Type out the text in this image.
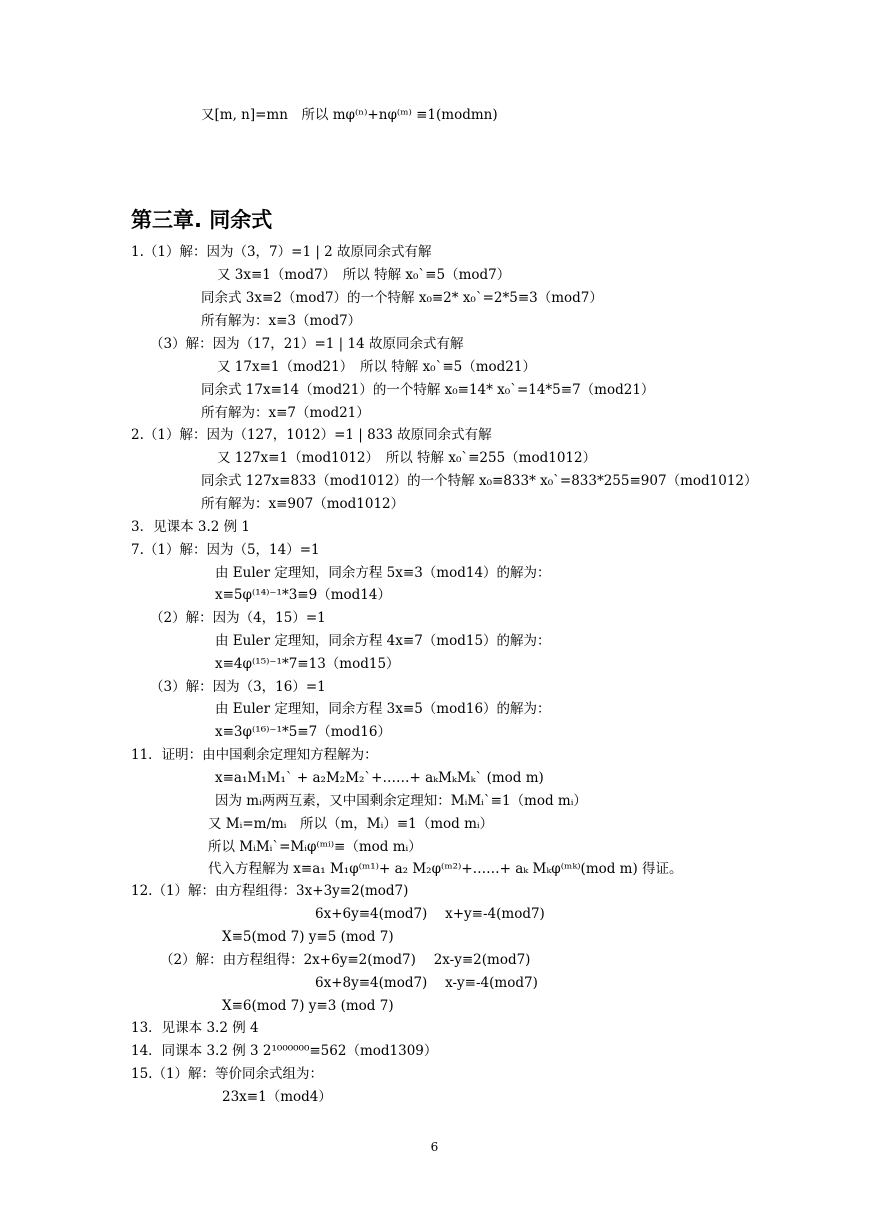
第三章. 同余式
又[m, n]=mn　所以 mφ⁽ⁿ⁾+nφ⁽ᵐ⁾ ≡1(modmn)
1.（1）解：因为（3，7）=1 | 2 故原同余式有解
又 3x≡1（mod7）　所以 特解 x₀`≡5（mod7）
同余式 3x≡2（mod7）的一个特解 x₀≡2* x₀`=2*5≡3（mod7）
所有解为：x≡3（mod7）
（3）解：因为（17，21）=1 | 14 故原同余式有解
又 17x≡1（mod21）　所以 特解 x₀`≡5（mod21）
同余式 17x≡14（mod21）的一个特解 x₀≡14* x₀`=14*5≡7（mod21）
所有解为：x≡7（mod21）
2.（1）解：因为（127，1012）=1 | 833 故原同余式有解
又 127x≡1（mod1012）　所以 特解 x₀`≡255（mod1012）
同余式 127x≡833（mod1012）的一个特解 x₀≡833* x₀`=833*255≡907（mod1012）
所有解为：x≡907（mod1012）
3．见课本 3.2 例 1
7.（1）解：因为（5，14）=1
由 Euler 定理知，同余方程 5x≡3（mod14）的解为：
x≡5φ⁽¹⁴⁾⁻¹*3≡9（mod14）
（2）解：因为（4，15）=1
由 Euler 定理知，同余方程 4x≡7（mod15）的解为：
x≡4φ⁽¹⁵⁾⁻¹*7≡13（mod15）
（3）解：因为（3，16）=1
由 Euler 定理知，同余方程 3x≡5（mod16）的解为：
x≡3φ⁽¹⁶⁾⁻¹*5≡7（mod16）
11．证明：由中国剩余定理知方程解为：
x≡a₁M₁M₁` + a₂M₂M₂`+……+ aₖMₖMₖ` (mod m)
因为 mᵢ两两互素，又中国剩余定理知：MᵢMᵢ`≡1（mod mᵢ）
又 Mᵢ=m/mᵢ　所以（m，Mᵢ）≡1（mod mᵢ）
所以 MᵢMᵢ`=Mᵢφ⁽ᵐⁱ⁾≡（mod mᵢ）
代入方程解为 x≡a₁ M₁φ⁽ᵐ¹⁾+ a₂ M₂φ⁽ᵐ²⁾+……+ aₖ Mₖφ⁽ᵐᵏ⁾(mod m) 得证。
12.（1）解：由方程组得：3x+3y≡2(mod7)
6x+6y≡4(mod7)　 x+y≡-4(mod7)
X≡5(mod 7) y≡5 (mod 7)
（2）解：由方程组得：2x+6y≡2(mod7)　 2x-y≡2(mod7)
6x+8y≡4(mod7)　 x-y≡-4(mod7)
X≡6(mod 7) y≡3 (mod 7)
13．见课本 3.2 例 4
14．同课本 3.2 例 3 2¹⁰⁰⁰⁰⁰⁰≡562（mod1309）
15.（1）解：等价同余式组为：
23x≡1（mod4）
6
